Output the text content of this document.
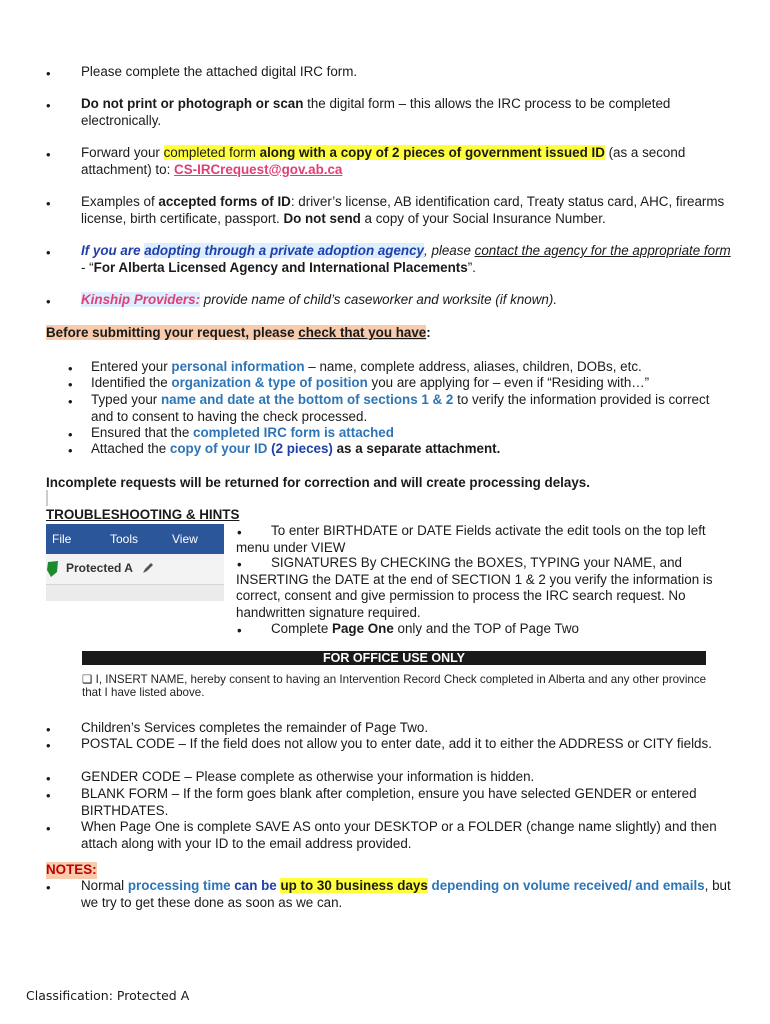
• Please complete the attached digital IRC form.
• Do not print or photograph or scan the digital form – this allows the IRC process to be completed electronically.
• Forward your completed form along with a copy of 2 pieces of government issued ID (as a second attachment) to: CS-IRCrequest@gov.ab.ca
• Examples of accepted forms of ID: driver’s license, AB identification card, Treaty status card, AHC, firearms license, birth certificate, passport. Do not send a copy of your Social Insurance Number.
• If you are adopting through a private adoption agency, please contact the agency for the appropriate form - “For Alberta Licensed Agency and International Placements”.
• Kinship Providers: provide name of child’s caseworker and worksite (if known).
Before submitting your request, please check that you have:
• Entered your personal information – name, complete address, aliases, children, DOBs, etc.
• Identified the organization & type of position you are applying for – even if “Residing with…”
• Typed your name and date at the bottom of sections 1 & 2 to verify the information provided is correct and to consent to having the check processed.
• Ensured that the completed IRC form is attached
• Attached the copy of your ID (2 pieces) as a separate attachment.
Incomplete requests will be returned for correction and will create processing delays.
TROUBLESHOOTING & HINTS
File	Tools	View
Protected A
•	To enter BIRTHDATE or DATE Fields activate the edit tools on the top left menu under VIEW
•	SIGNATURES By CHECKING the BOXES, TYPING your NAME, and INSERTING the DATE at the end of SECTION 1 & 2 you verify the information is correct, consent and give permission to process the IRC search request. No handwritten signature required.
• Complete Page One only and the TOP of Page Two
FOR OFFICE USE ONLY
❑ I, INSERT NAME, hereby consent to having an Intervention Record Check completed in Alberta and any other province that I have listed above.
• Children’s Services completes the remainder of Page Two.
• POSTAL CODE – If the field does not allow you to enter date, add it to either the ADDRESS or CITY fields.
• GENDER CODE – Please complete as otherwise your information is hidden.
• BLANK FORM – If the form goes blank after completion, ensure you have selected GENDER or entered BIRTHDATES.
• When Page One is complete SAVE AS onto your DESKTOP or a FOLDER (change name slightly) and then attach along with your ID to the email address provided.
NOTES:
• Normal processing time can be up to 30 business days depending on volume received/ and emails, but we try to get these done as soon as we can.
Classification: Protected A
